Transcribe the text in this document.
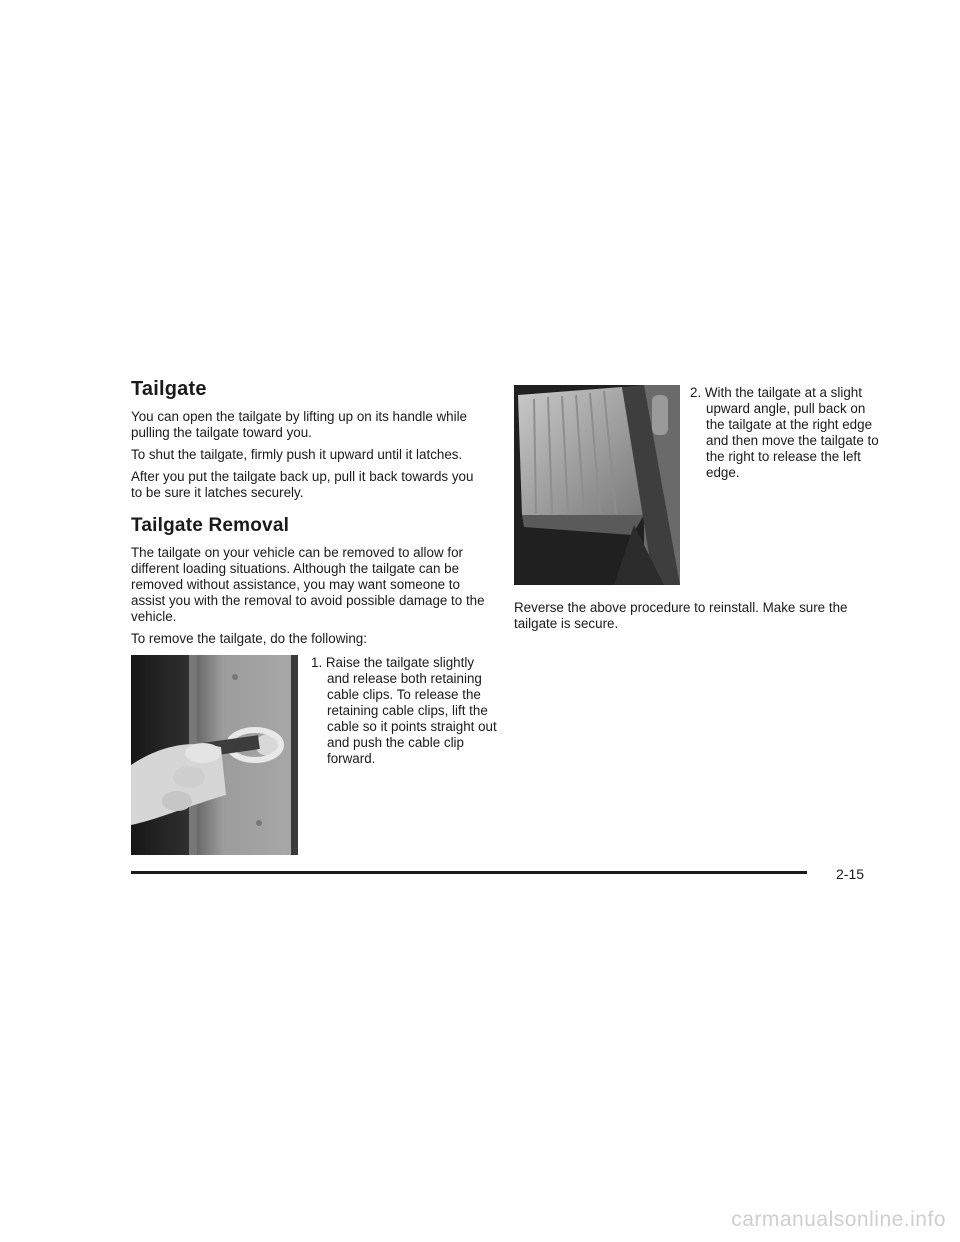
Tailgate

You can open the tailgate by lifting up on its handle while pulling the tailgate toward you.

To shut the tailgate, firmly push it upward until it latches.

After you put the tailgate back up, pull it back towards you to be sure it latches securely.

Tailgate Removal

The tailgate on your vehicle can be removed to allow for different loading situations. Although the tailgate can be removed without assistance, you may want someone to assist you with the removal to avoid possible damage to the vehicle.

To remove the tailgate, do the following:

1. Raise the tailgate slightly and release both retaining cable clips. To release the retaining cable clips, lift the cable so it points straight out and push the cable clip forward.
2. With the tailgate at a slight upward angle, pull back on the tailgate at the right edge and then move the tailgate to the right to release the left edge.

Reverse the above procedure to reinstall. Make sure the tailgate is secure.

2-15
carmanualsonline.info
